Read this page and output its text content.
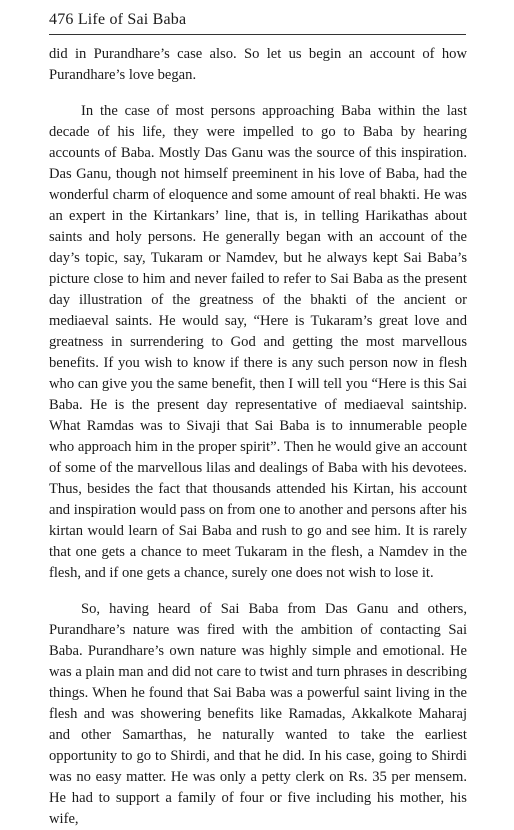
476 Life of Sai Baba

did in Purandhare’s case also. So let us begin an account of how Purandhare’s love began.

In the case of most persons approaching Baba within the last decade of his life, they were impelled to go to Baba by hearing accounts of Baba. Mostly Das Ganu was the source of this inspiration. Das Ganu, though not himself preeminent in his love of Baba, had the wonderful charm of eloquence and some amount of real bhakti. He was an expert in the Kirtankars’ line, that is, in telling Harikathas about saints and holy persons. He generally began with an account of the day’s topic, say, Tukaram or Namdev, but he always kept Sai Baba’s picture close to him and never failed to refer to Sai Baba as the present day illustration of the greatness of the bhakti of the ancient or mediaeval saints. He would say, “Here is Tukaram’s great love and greatness in surrendering to God and getting the most marvellous benefits. If you wish to know if there is any such person now in flesh who can give you the same benefit, then I will tell you “Here is this Sai Baba. He is the present day representative of mediaeval saintship. What Ramdas was to Sivaji that Sai Baba is to innumerable people who approach him in the proper spirit”. Then he would give an account of some of the marvellous lilas and dealings of Baba with his devotees. Thus, besides the fact that thousands attended his Kirtan, his account and inspiration would pass on from one to another and persons after his kirtan would learn of Sai Baba and rush to go and see him. It is rarely that one gets a chance to meet Tukaram in the flesh, a Namdev in the flesh, and if one gets a chance, surely one does not wish to lose it.

So, having heard of Sai Baba from Das Ganu and others, Purandhare’s nature was fired with the ambition of contacting Sai Baba. Purandhare’s own nature was highly simple and emotional. He was a plain man and did not care to twist and turn phrases in describing things. When he found that Sai Baba was a powerful saint living in the flesh and was showering benefits like Ramadas, Akkalkote Maharaj and other Samarthas, he naturally wanted to take the earliest opportunity to go to Shirdi, and that he did. In his case, going to Shirdi was no easy matter. He was only a petty clerk on Rs. 35 per mensem. He had to support a family of four or five including his mother, his wife,
